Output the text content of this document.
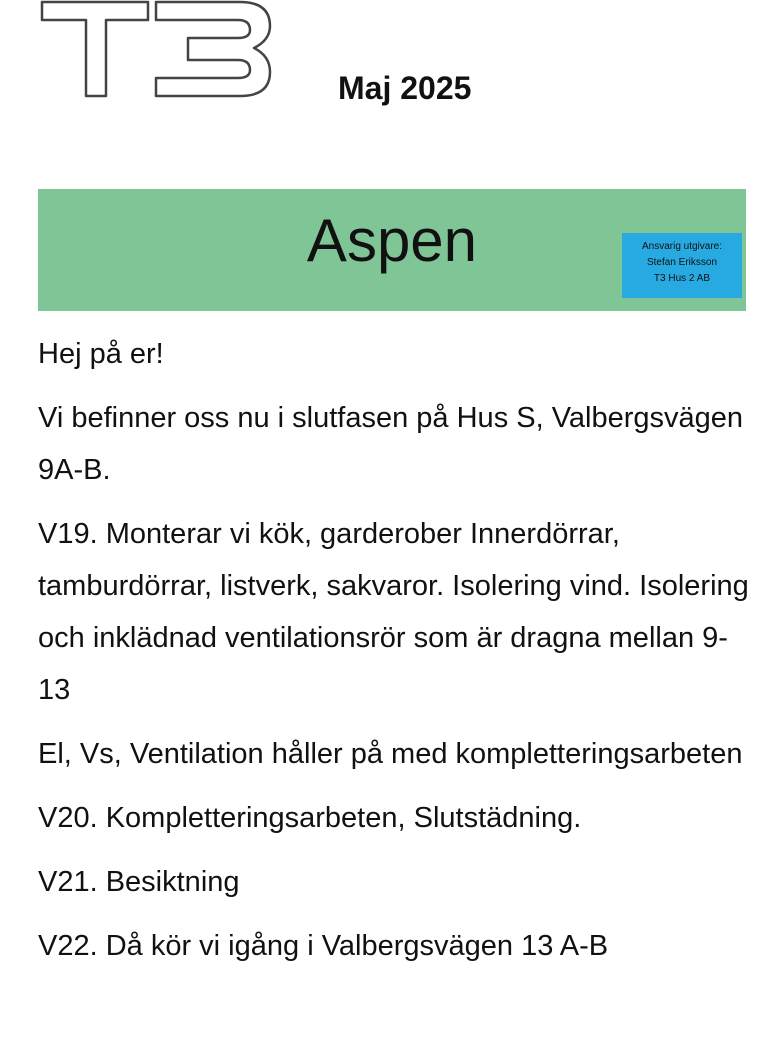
Maj 2025
Aspen	Ansvarig utgivare:
Stefan Eriksson
T3 Hus 2 AB

Hej på er!

Vi befinner oss nu i slutfasen på Hus S, Valbergsvägen 9A-B.

V19. Monterar vi kök, garderober Innerdörrar, tamburdörrar, listverk, sakvaror. Isolering vind. Isolering och inklädnad ventilationsrör som är dragna mellan 9-13

El, Vs, Ventilation håller på med kompletteringsarbeten

V20. Kompletteringsarbeten, Slutstädning.

V21. Besiktning

V22. Då kör vi igång i Valbergsvägen 13 A-B
